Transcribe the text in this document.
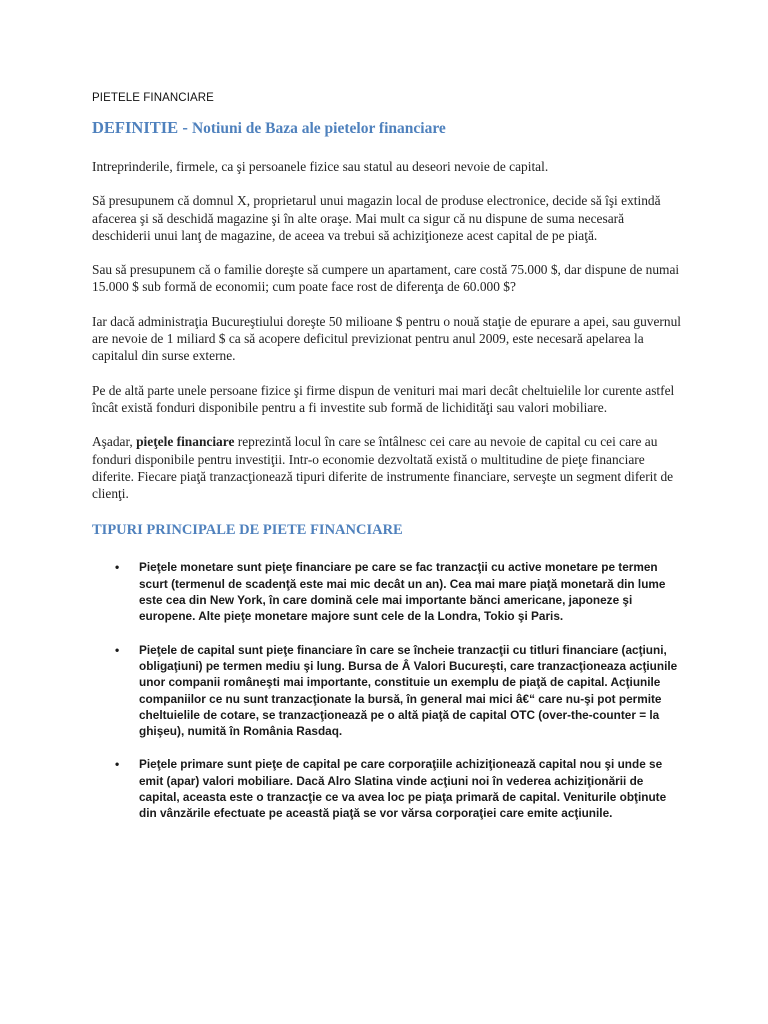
PIETELE FINANCIARE

DEFINITIE - Notiuni de Baza ale pietelor financiare

Intreprinderile, firmele, ca şi persoanele fizice sau statul au deseori nevoie de capital.

Să presupunem că domnul X, proprietarul unui magazin local de produse electronice, decide să îşi extindă afacerea şi să deschidă magazine şi în alte oraşe. Mai mult ca sigur că nu dispune de suma necesară deschiderii unui lanţ de magazine, de aceea va trebui să achiziţioneze acest capital de pe piaţă.

Sau să presupunem că o familie doreşte să cumpere un apartament, care costă 75.000 $, dar dispune de numai 15.000 $ sub formă de economii; cum poate face rost de diferenţa de 60.000 $?

Iar dacă administraţia Bucureştiului doreşte 50 milioane $ pentru o nouă staţie de epurare a apei, sau guvernul are nevoie de 1 miliard $ ca să acopere deficitul previzionat pentru anul 2009, este necesară apelarea la capitalul din surse externe.

Pe de altă parte unele persoane fizice şi firme dispun de venituri mai mari decât cheltuielile lor curente astfel încât există fonduri disponibile pentru a fi investite sub formă de lichidităţi sau valori mobiliare.

Aşadar, pieţele financiare reprezintă locul în care se întâlnesc cei care au nevoie de capital cu cei care au fonduri disponibile pentru investiţii. Intr-o economie dezvoltată există o multitudine de pieţe financiare diferite. Fiecare piaţă tranzacţionează tipuri diferite de instrumente financiare, serveşte un segment diferit de clienţi.

TIPURI PRINCIPALE DE PIETE FINANCIARE
• Pieţele monetare sunt pieţe financiare pe care se fac tranzacţii cu active monetare pe termen scurt (termenul de scadenţă este mai mic decât un an). Cea mai mare piaţă monetară din lume este cea din New York, în care domină cele mai importante bănci americane, japoneze şi europene. Alte pieţe monetare majore sunt cele de la Londra, Tokio şi Paris.
• Pieţele de capital sunt pieţe financiare în care se încheie tranzacţii cu titluri financiare (acţiuni, obligaţiuni) pe termen mediu şi lung. Bursa de Â Valori Bucureşti, care tranzacţioneaza acţiunile unor companii româneşti mai importante, constituie un exemplu de piaţă de capital. Acţiunile companiilor ce nu sunt tranzacţionate la bursă, în general mai mici â€“ care nu-şi pot permite cheltuielile de cotare, se tranzacţionează pe o altă piaţă de capital OTC (over-the-counter = la ghişeu), numită în România Rasdaq.
• Pieţele primare sunt pieţe de capital pe care corporaţiile achiziţionează capital nou şi unde se emit (apar) valori mobiliare. Dacă Alro Slatina vinde acţiuni noi în vederea achiziţionării de capital, aceasta este o tranzacţie ce va avea loc pe piaţa primară de capital. Veniturile obţinute din vânzările efectuate pe această piaţă se vor vărsa corporaţiei care emite acţiunile.
